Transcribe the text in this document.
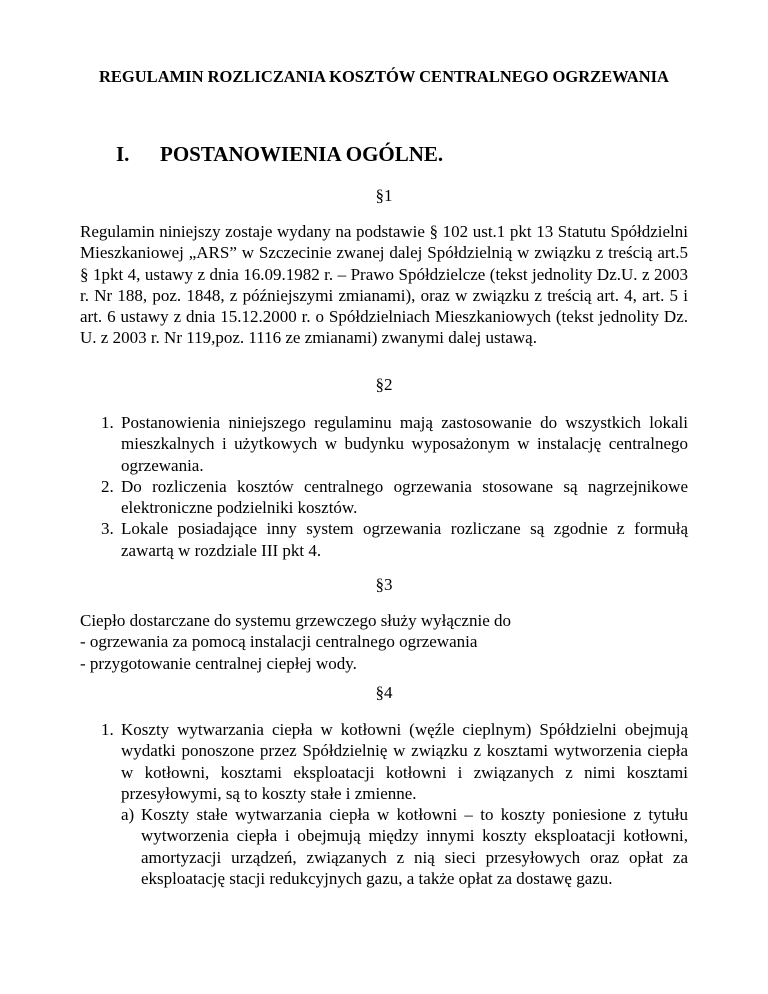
REGULAMIN ROZLICZANIA KOSZTÓW CENTRALNEGO OGRZEWANIA
I. POSTANOWIENIA OGÓLNE.
§1

Regulamin niniejszy zostaje wydany na podstawie § 102 ust.1 pkt 13 Statutu Spółdzielni Mieszkaniowej „ARS” w Szczecinie zwanej dalej Spółdzielnią w związku z treścią art.5 § 1pkt 4, ustawy z dnia 16.09.1982 r. – Prawo Spółdzielcze (tekst jednolity Dz.U. z 2003 r. Nr 188, poz. 1848, z późniejszymi zmianami), oraz w związku z treścią art. 4, art. 5 i art. 6 ustawy z dnia 15.12.2000 r. o Spółdzielniach Mieszkaniowych (tekst jednolity Dz. U. z 2003 r. Nr 119,poz. 1116 ze zmianami) zwanymi dalej ustawą.

§2
1. Postanowienia niniejszego regulaminu mają zastosowanie do wszystkich lokali mieszkalnych i użytkowych w budynku wyposażonym w instalację centralnego ogrzewania.
2. Do rozliczenia kosztów centralnego ogrzewania stosowane są nagrzejnikowe elektroniczne podzielniki kosztów.
3. Lokale posiadające inny system ogrzewania rozliczane są zgodnie z formułą zawartą w rozdziale III pkt 4.
§3
Ciepło dostarczane do systemu grzewczego służy wyłącznie do
- ogrzewania za pomocą instalacji centralnego ogrzewania
- przygotowanie centralnej ciepłej wody.
§4
1. Koszty wytwarzania ciepła w kotłowni (węźle cieplnym) Spółdzielni obejmują wydatki ponoszone przez Spółdzielnię w związku z kosztami wytworzenia ciepła w kotłowni, kosztami eksploatacji kotłowni i związanych z nimi kosztami przesyłowymi, są to koszty stałe i zmienne.
a) Koszty stałe wytwarzania ciepła w kotłowni – to koszty poniesione z tytułu wytworzenia ciepła i obejmują między innymi koszty eksploatacji kotłowni, amortyzacji urządzeń, związanych z nią sieci przesyłowych oraz opłat za eksploatację stacji redukcyjnych gazu, a także opłat za dostawę gazu.
